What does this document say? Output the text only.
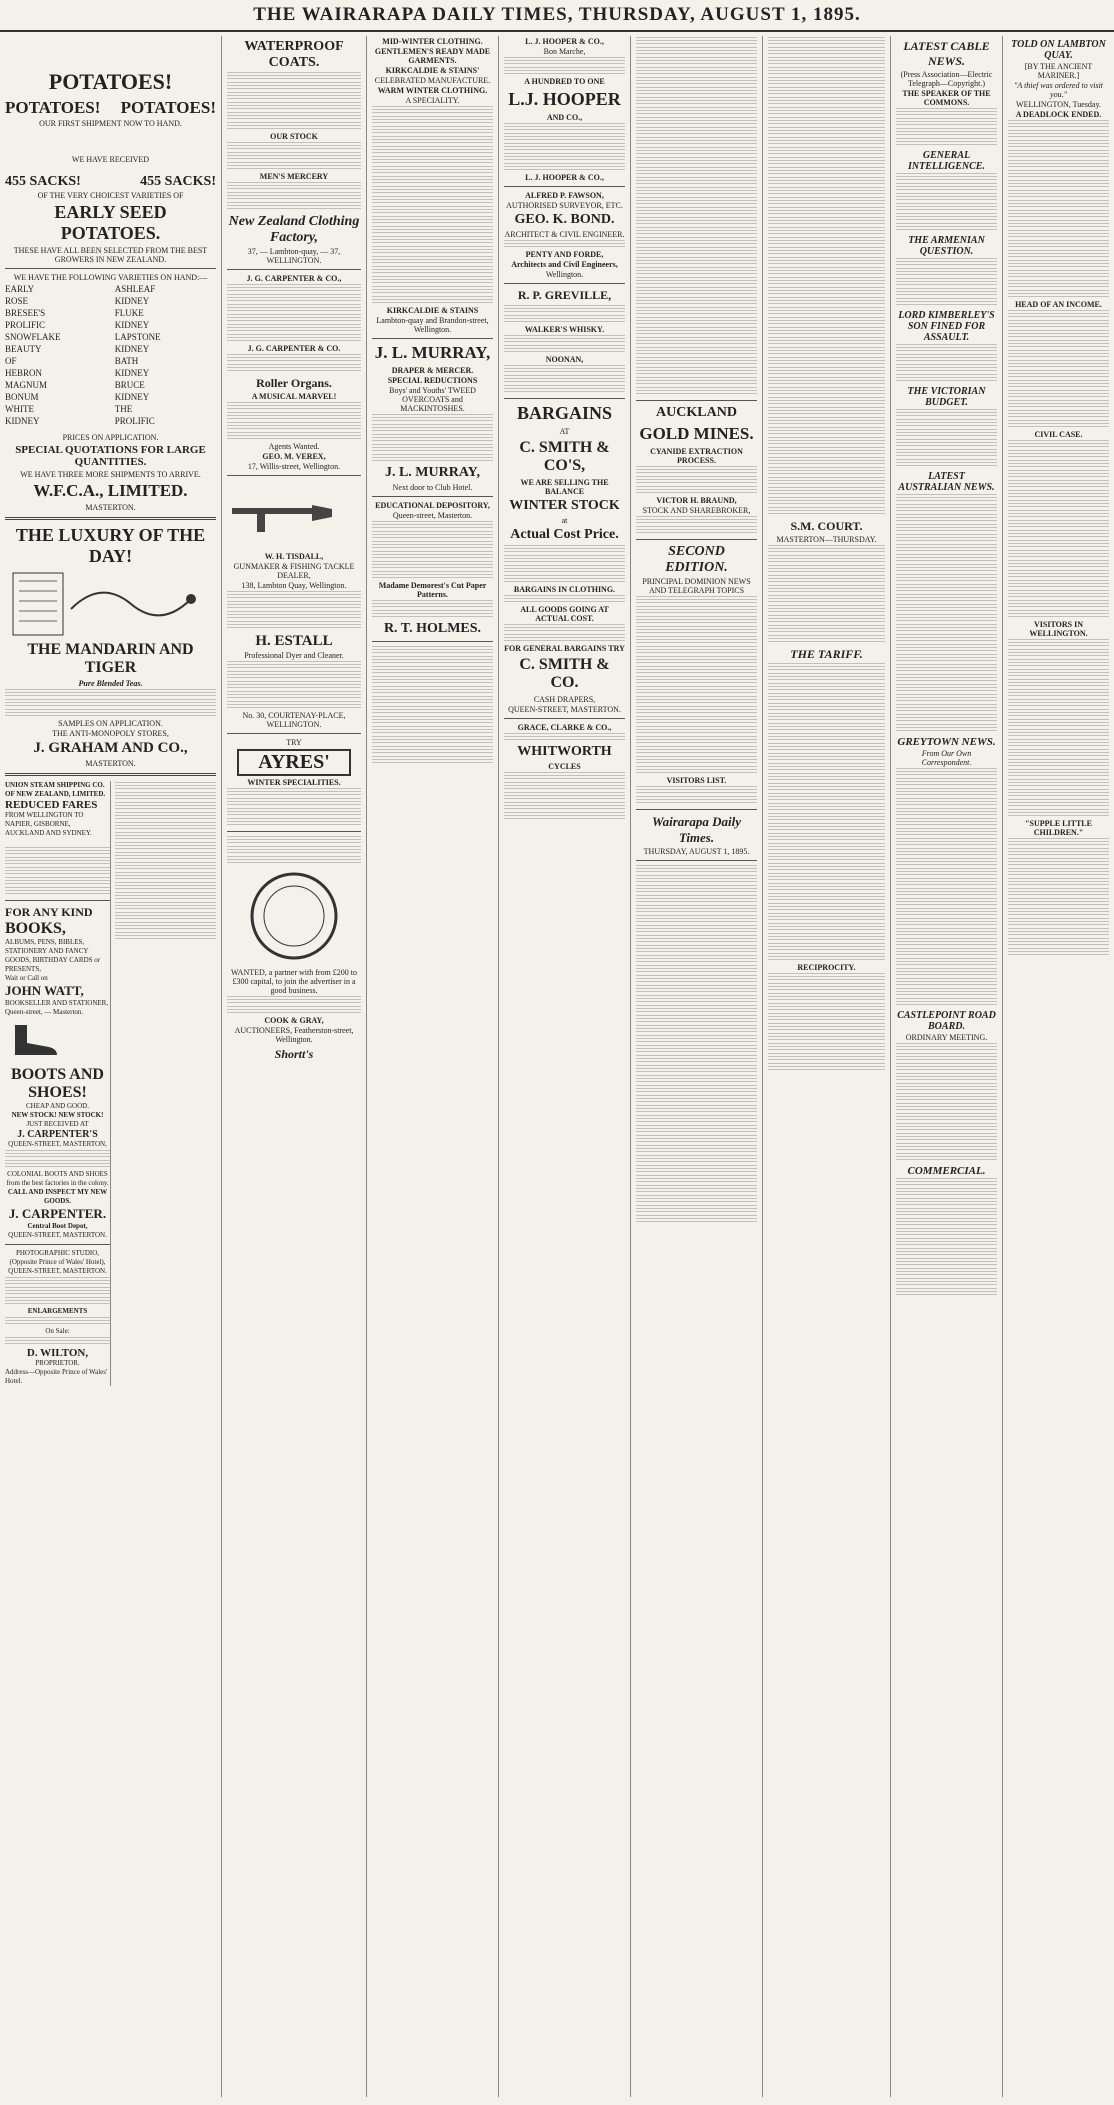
THE WAIRARAPA DAILY TIMES, THURSDAY, AUGUST 1, 1895.
POTATOES!
POTATOES! POTATOES!
OUR FIRST SHIPMENT NOW TO HAND.
WE HAVE RECEIVED
455 SACKS!	455 SACKS!
OF THE VERY CHOICEST VARIETIES OF
EARLY SEED POTATOES.
THESE HAVE ALL BEEN SELECTED FROM THE BEST GROWERS IN NEW ZEALAND.
WE HAVE THE FOLLOWING VARIETIES ON HAND:—
EARLY ROSE
BRESEE'S PROLIFIC
SNOWFLAKE
BEAUTY OF HEBRON
MAGNUM BONUM
WHITE KIDNEY
ASHLEAF KIDNEY
FLUKE KIDNEY
LAPSTONE KIDNEY
BATH KIDNEY
BRUCE KIDNEY
THE PROLIFIC
PRICES ON APPLICATION.
SPECIAL QUOTATIONS FOR LARGE QUANTITIES.
WE HAVE THREE MORE SHIPMENTS TO ARRIVE.
W.F.C.A., LIMITED.
MASTERTON.
THE LUXURY OF THE DAY!
THE MANDARIN AND TIGER
Pure Blended Teas.
SAMPLES ON APPLICATION.
THE ANTI-MONOPOLY STORES,
J. GRAHAM AND CO.,
MASTERTON.
UNION STEAM SHIPPING CO. OF NEW ZEALAND, LIMITED.
REDUCED FARES
FROM WELLINGTON TO NAPIER, GISBORNE, AUCKLAND AND SYDNEY.

FOR ANY KIND
BOOKS,
ALBUMS, PENS, BIBLES, STATIONERY AND FANCY GOODS, BIRTHDAY CARDS or PRESENTS,
Wait or Call on
JOHN WATT,
BOOKSELLER AND STATIONER,
Queen-street, — Masterton.
BOOTS AND SHOES!
CHEAP AND GOOD.
NEW STOCK! NEW STOCK!
JUST RECEIVED AT
J. CARPENTER'S
QUEEN-STREET, MASTERTON,
COLONIAL BOOTS AND SHOES from the best factories in the colony.
CALL AND INSPECT MY NEW GOODS.
J. CARPENTER.
Central Boot Depot,
QUEEN-STREET, MASTERTON.
PHOTOGRAPHIC STUDIO, (Opposite Prince of Wales' Hotel), QUEEN-STREET, MASTERTON.
ENLARGEMENTS
On Sale:
D. WILTON,
PROPRIETOR.
Address—Opposite Prince of Wales' Hotel.
WATERPROOF COATS.
OUR STOCK
MEN'S MERCERY
New Zealand Clothing Factory,
37, — Lambton-quay, — 37, WELLINGTON.
J. G. CARPENTER & CO.,
J. G. CARPENTER & CO.
Roller Organs.
A MUSICAL MARVEL!
Agents Wanted.
GEO. M. VEREX,
17, Willis-street, Wellington.
W. H. TISDALL,
GUNMAKER & FISHING TACKLE DEALER,
138, Lambton Quay, Wellington.
H. ESTALL
Professional Dyer and Cleaner.
No. 30, COURTENAY-PLACE, WELLINGTON.
TRY
AYRES'
WINTER SPECIALITIES.
WANTED, a partner with from £200 to £300 capital, to join the advertiser in a good business.
COOK & GRAY,
AUCTIONEERS, Featherston-street, Wellington.
Shortt's
MID-WINTER CLOTHING.
GENTLEMEN'S READY MADE GARMENTS.
KIRKCALDIE & STAINS'
CELEBRATED MANUFACTURE.
WARM WINTER CLOTHING.
A SPECIALITY.
KIRKCALDIE & STAINS
Lambton-quay and Brandon-street, Wellington.
J. L. MURRAY,
DRAPER & MERCER.
SPECIAL REDUCTIONS
Boys' and Youths' TWEED OVERCOATS and MACKINTOSHES.
J. L. MURRAY,
Next door to Club Hotel.
EDUCATIONAL DEPOSITORY,
Queen-street, Masterton.
Madame Demorest's Cut Paper Patterns.
R. T. HOLMES.
L. J. HOOPER & CO.,
Bon Marche,
A HUNDRED TO ONE
L.J. HOOPER
AND CO.,
L. J. HOOPER & CO.,
ALFRED P. FAWSON,
AUTHORISED SURVEYOR, ETC.
GEO. K. BOND.
ARCHITECT & CIVIL ENGINEER.
PENTY AND FORDE,
Architects and Civil Engineers,
Wellington.
R. P. GREVILLE,
WALKER'S WHISKY.
NOONAN,
BARGAINS
AT
C. SMITH & CO'S,
WE ARE SELLING THE BALANCE
WINTER STOCK
at
Actual Cost Price.
BARGAINS IN CLOTHING.
ALL GOODS GOING AT ACTUAL COST.
FOR GENERAL BARGAINS TRY
C. SMITH & CO.
CASH DRAPERS,
QUEEN-STREET, MASTERTON.
GRACE, CLARKE & CO.,
WHITWORTH
CYCLES
AUCKLAND
GOLD MINES.
CYANIDE EXTRACTION PROCESS.
VICTOR H. BRAUND,
STOCK AND SHAREBROKER,
SECOND EDITION.
PRINCIPAL DOMINION NEWS AND TELEGRAPH TOPICS
VISITORS LIST.
Wairarapa Daily Times.
THURSDAY, AUGUST 1, 1895.
S.M. COURT.
MASTERTON—THURSDAY.
THE TARIFF.
RECIPROCITY.
LATEST CABLE NEWS.
(Press Association—Electric Telegraph—Copyright.)
THE SPEAKER OF THE COMMONS.
GENERAL INTELLIGENCE.
THE ARMENIAN QUESTION.
LORD KIMBERLEY'S SON FINED FOR ASSAULT.
THE VICTORIAN BUDGET.
LATEST AUSTRALIAN NEWS.
GREYTOWN NEWS.
From Our Own Correspondent.
CASTLEPOINT ROAD BOARD.
ORDINARY MEETING.
COMMERCIAL.
TOLD ON LAMBTON QUAY.
[BY THE ANCIENT MARINER.]
"A thief was ordered to visit you."
WELLINGTON, Tuesday.
A DEADLOCK ENDED.
HEAD OF AN INCOME.
CIVIL CASE.
VISITORS IN WELLINGTON.
"SUPPLE LITTLE CHILDREN."
